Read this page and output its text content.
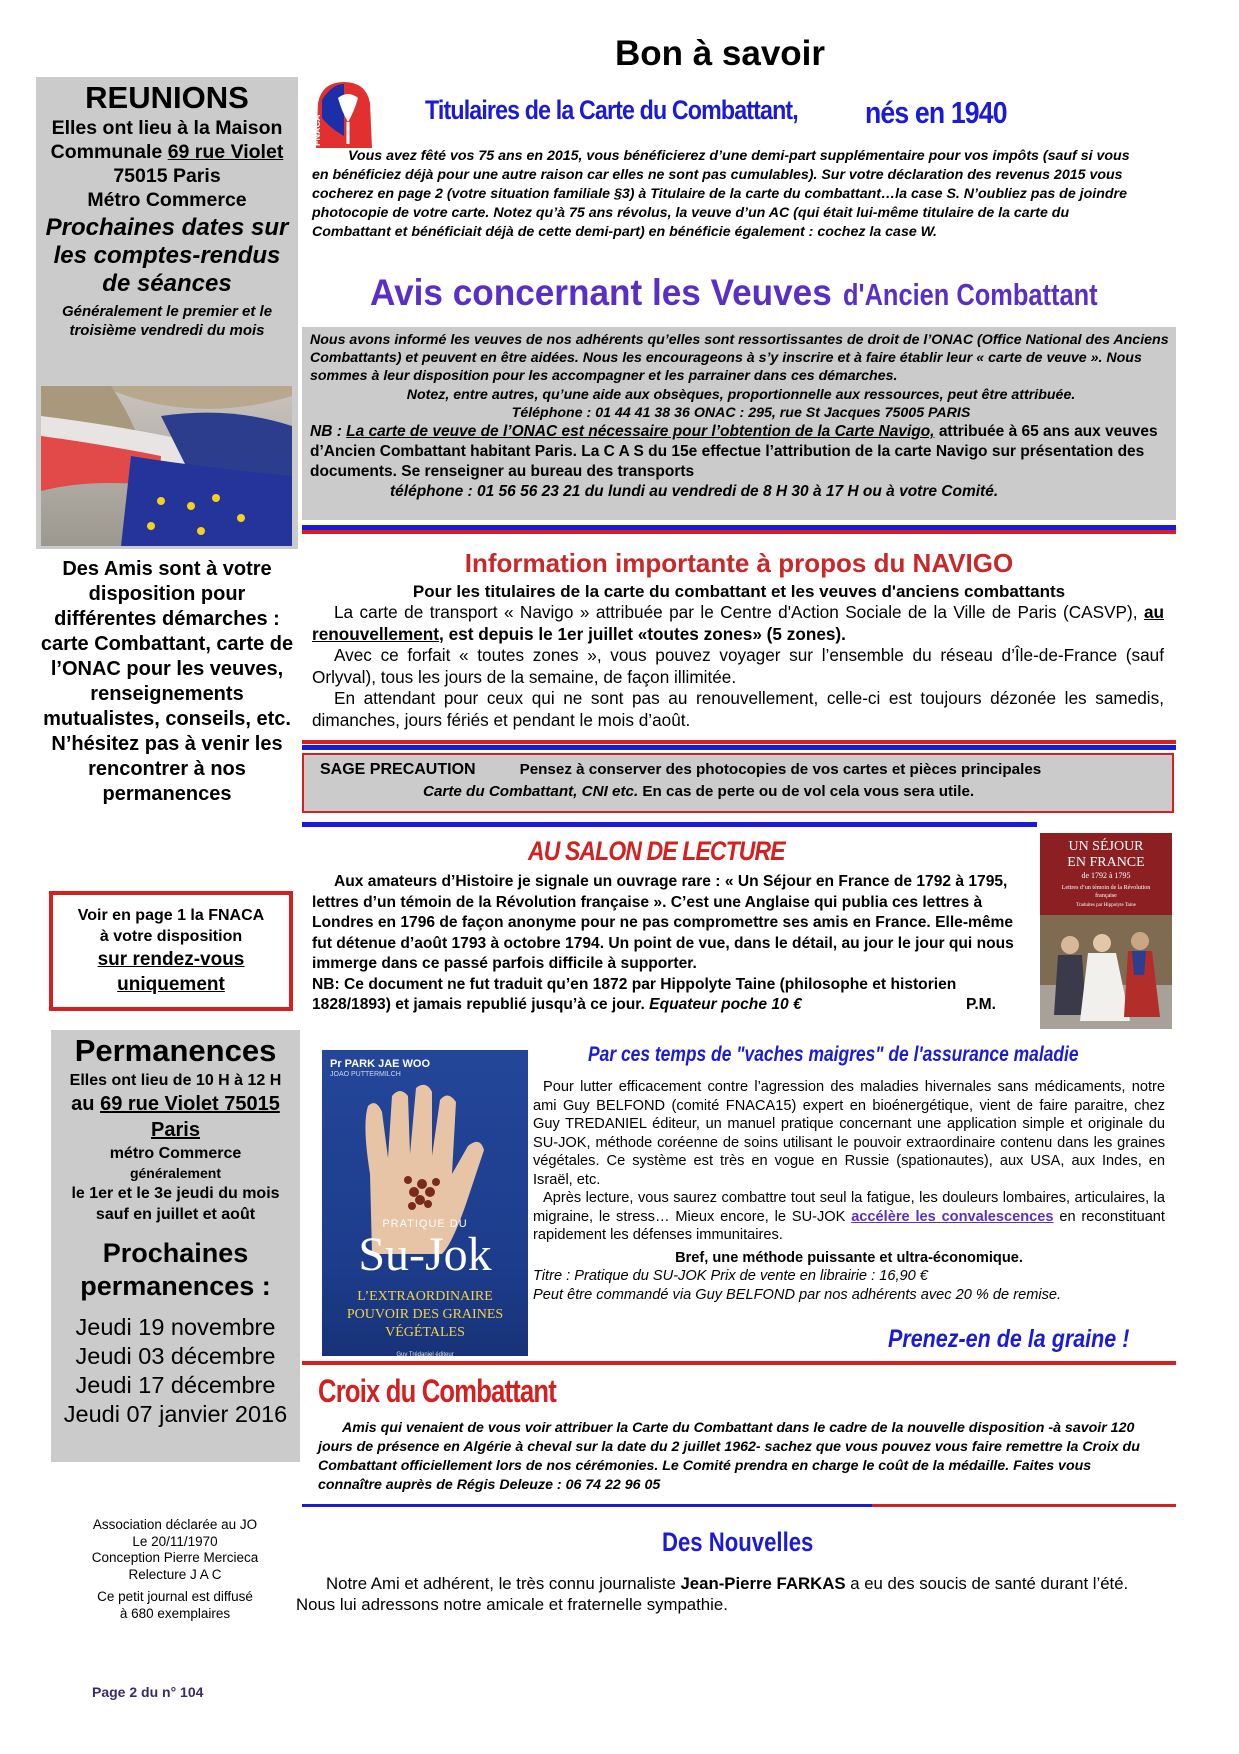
Bon à savoir
REUNIONS
Elles ont lieu à la Maison
Communale 69 rue Violet
75015 Paris
Métro Commerce
Prochaines dates sur les comptes-rendus de séances
Généralement le premier et le troisième vendredi du mois
Des Amis sont à votre disposition pour différentes démarches : carte Combattant, carte de l’ONAC pour les veuves, renseignements mutualistes, conseils, etc.
N’hésitez pas à venir les rencontrer à nos permanences
Voir en page 1 la FNACA
à votre disposition
sur rendez-vous
uniquement
Permanences
Elles ont lieu de 10 H à 12 H
au 69 rue Violet 75015 Paris
métro Commerce
généralement
le 1er et le 3e jeudi du mois
sauf en juillet et août
Prochaines permanences :
Jeudi 19 novembre
Jeudi 03 décembre
Jeudi 17 décembre
Jeudi 07 janvier 2016
Association déclarée au JO
Le 20/11/1970
Conception Pierre Mercieca
Relecture J A C
Ce petit journal est diffusé
à 680 exemplaires
Page 2 du n° 104
FNACA
Titulaires de la Carte du Combattant, nés en 1940
Vous avez fêté vos 75 ans en 2015, vous bénéficierez d’une demi-part supplémentaire pour vos impôts (sauf si vous en bénéficiez déjà pour une autre raison car elles ne sont pas cumulables). Sur votre déclaration des revenus 2015 vous cocherez en page 2 (votre situation familiale §3) à Titulaire de la carte du combattant…la case S. N’oubliez pas de joindre photocopie de votre carte. Notez qu’à 75 ans révolus, la veuve d’un AC (qui était lui-même titulaire de la carte du Combattant et bénéficiait déjà de cette demi-part) en bénéficie également : cochez la case W.
Avis concernant les Veuves d'Ancien Combattant
Nous avons informé les veuves de nos adhérents qu’elles sont ressortissantes de droit de l’ONAC (Office National des Anciens Combattants) et peuvent en être aidées. Nous les encourageons à s’y inscrire et à faire établir leur « carte de veuve ». Nous sommes à leur disposition pour les accompagner et les parrainer dans ces démarches.
Notez, entre autres, qu’une aide aux obsèques, proportionnelle aux ressources, peut être attribuée.
Téléphone : 01 44 41 38 36 ONAC : 295, rue St Jacques 75005 PARIS
NB : La carte de veuve de l’ONAC est nécessaire pour l’obtention de la Carte Navigo, attribuée à 65 ans aux veuves d’Ancien Combattant habitant Paris. La C A S du 15e effectue l’attribution de la carte Navigo sur présentation des documents. Se renseigner au bureau des transports
téléphone : 01 56 56 23 21 du lundi au vendredi de 8 H 30 à 17 H ou à votre Comité.
Information importante à propos du NAVIGO
Pour les titulaires de la carte du combattant et les veuves d'anciens combattants

La carte de transport « Navigo » attribuée par le Centre d'Action Sociale de la Ville de Paris (CASVP), au renouvellement, est depuis le 1er juillet «toutes zones» (5 zones).

Avec ce forfait « toutes zones », vous pouvez voyager sur l’ensemble du réseau d’Île-de-France (sauf Orlyval), tous les jours de la semaine, de façon illimitée.

En attendant pour ceux qui ne sont pas au renouvellement, celle-ci est toujours dézonée les samedis, dimanches, jours fériés et pendant le mois d’août.

SAGE PRECAUTION	Pensez à conserver des photocopies de vos cartes et pièces principales
Carte du Combattant, CNI etc. En cas de perte ou de vol cela vous sera utile.
AU SALON DE LECTURE

Aux amateurs d’Histoire je signale un ouvrage rare : « Un Séjour en France de 1792 à 1795, lettres d’un témoin de la Révolution française ». C’est une Anglaise qui publia ces lettres à Londres en 1796 de façon anonyme pour ne pas compromettre ses amis en France. Elle-même fut détenue d’août 1793 à octobre 1794. Un point de vue, dans le détail, au jour le jour qui nous immerge dans ce passé parfois difficile à supporter.

NB: Ce document ne fut traduit qu’en 1872 par Hippolyte Taine (philosophe et historien 1828/1893) et jamais republié jusqu’à ce jour. Equateur poche 10 €	P.M.

UN SÉJOUR
EN FRANCE
de 1792 à 1795
Lettres d’un témoin de la Révolution française
Traduites par Hippolyte Taine
Par ces temps de "vaches maigres" de l'assurance maladie
Pr PARK JAE WOO
JOAO PUTTERMILCH
PRATIQUE DU
Su-Jok
L’EXTRAORDINAIRE POUVOIR DES GRAINES VÉGÉTALES
Guy Trédaniel éditeur

Pour lutter efficacement contre l’agression des maladies hivernales sans médicaments, notre ami Guy BELFOND (comité FNACA15) expert en bioénergétique, vient de faire paraitre, chez Guy TREDANIEL éditeur, un manuel pratique concernant une application simple et originale du SU-JOK, méthode coréenne de soins utilisant le pouvoir extraordinaire contenu dans les graines végétales. Ce système est très en vogue en Russie (spationautes), aux USA, aux Indes, en Israël, etc.

Après lecture, vous saurez combattre tout seul la fatigue, les douleurs lombaires, articulaires, la migraine, le stress… Mieux encore, le SU-JOK accélère les convalescences en reconstituant rapidement les défenses immunitaires.

Bref, une méthode puissante et ultra-économique.

Titre : Pratique du SU-JOK Prix de vente en librairie : 16,90 €

Peut être commandé via Guy BELFOND par nos adhérents avec 20 % de remise.

Prenez-en de la graine !
Croix du Combattant
Amis qui venaient de vous voir attribuer la Carte du Combattant dans le cadre de la nouvelle disposition -à savoir 120 jours de présence en Algérie à cheval sur la date du 2 juillet 1962- sachez que vous pouvez vous faire remettre la Croix du Combattant officiellement lors de nos cérémonies. Le Comité prendra en charge le coût de la médaille. Faites vous connaître auprès de Régis Deleuze : 06 74 22 96 05
Des Nouvelles
Notre Ami et adhérent, le très connu journaliste Jean-Pierre FARKAS a eu des soucis de santé durant l’été. Nous lui adressons notre amicale et fraternelle sympathie.
